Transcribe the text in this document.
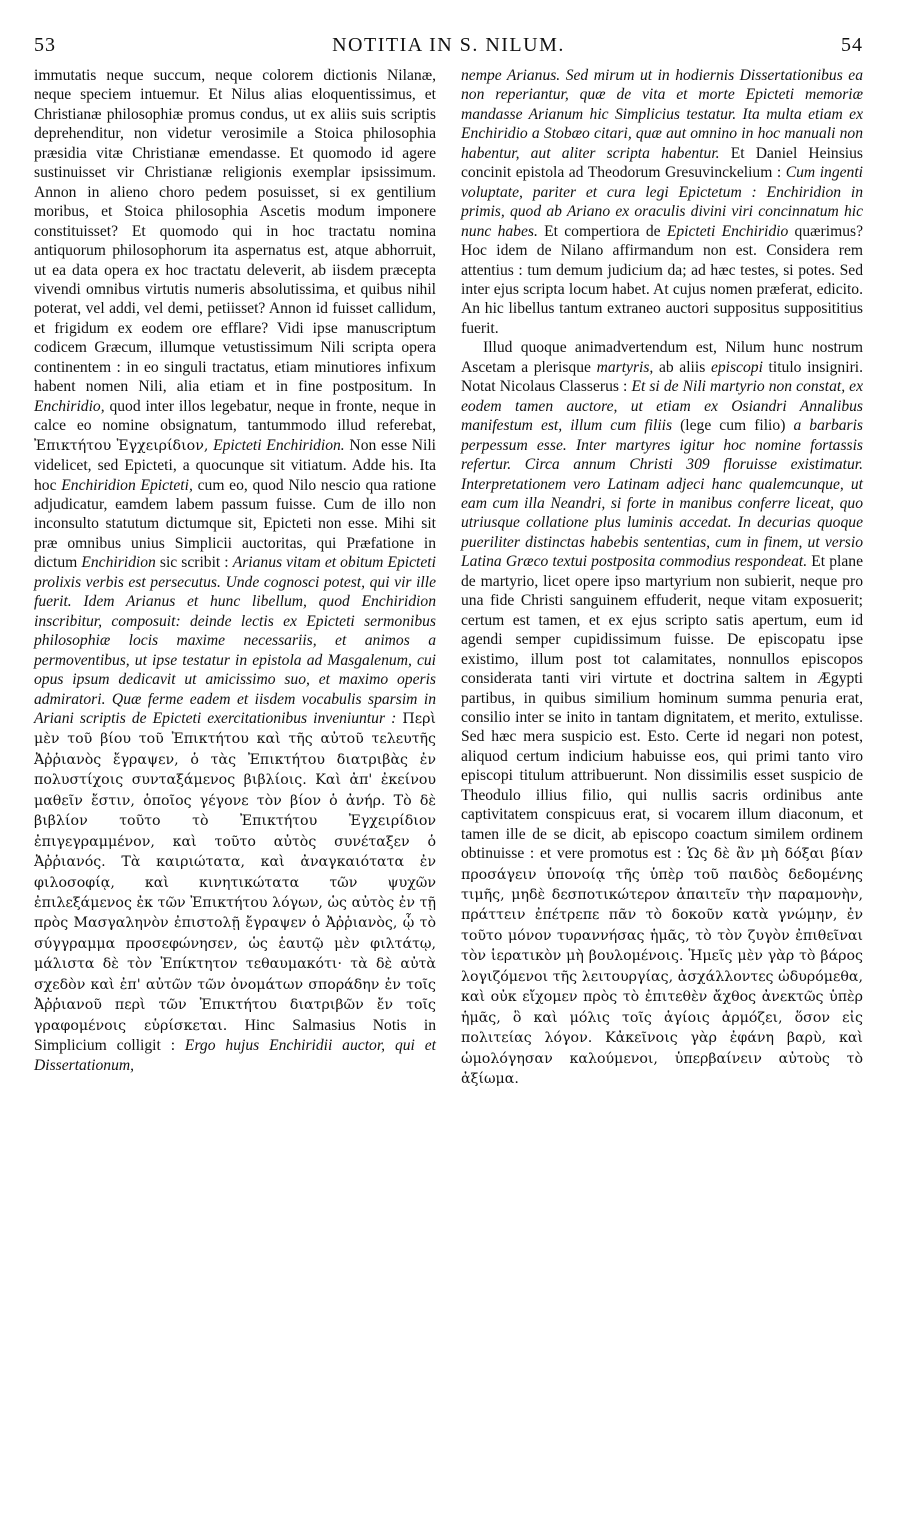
53	NOTITIA IN S. NILUM.	54

immutatis neque succum, neque colorem dictionis Nilanæ, neque speciem intuemur. Et Nilus alias eloquentissimus, et Christianæ philosophiæ promus condus, ut ex aliis suis scriptis deprehenditur, non videtur verosimile a Stoica philosophia præsidia vitæ Christianæ emendasse. Et quomodo id agere sustinuisset vir Christianæ religionis exemplar ipsissimum. Annon in alieno choro pedem posuisset, si ex gentilium moribus, et Stoica philosophia Ascetis modum imponere constituisset? Et quomodo qui in hoc tractatu nomina antiquorum philosophorum ita aspernatus est, atque abhorruit, ut ea data opera ex hoc tractatu deleverit, ab iisdem præcepta vivendi omnibus virtutis numeris absolutissima, et quibus nihil poterat, vel addi, vel demi, petiisset? Annon id fuisset callidum, et frigidum ex eodem ore efflare? Vidi ipse manuscriptum codicem Græcum, illumque vetustissimum Nili scripta opera continentem : in eo singuli tractatus, etiam minutiores infixum habent nomen Nili, alia etiam et in fine postpositum. In Enchiridio, quod inter illos legebatur, neque in fronte, neque in calce eo nomine obsignatum, tantummodo illud referebat, Ἐπικτήτου Ἐγχειρίδιον, Epicteti Enchiridion. Non esse Nili videlicet, sed Epicteti, a quocunque sit vitiatum. Adde his. Ita hoc Enchiridion Epicteti, cum eo, quod Nilo nescio qua ratione adjudicatur, eamdem labem passum fuisse. Cum de illo non inconsulto statutum dictumque sit, Epicteti non esse. Mihi sit præ omnibus unius Simplicii auctoritas, qui Præfatione in dictum Enchiridion sic scribit : Arianus vitam et obitum Epicteti prolixis verbis est persecutus. Unde cognosci potest, qui vir ille fuerit. Idem Arianus et hunc libellum, quod Enchiridion inscribitur, composuit: deinde lectis ex Epicteti sermonibus philosophiæ locis maxime necessariis, et animos a permoventibus, ut ipse testatur in epistola ad Masgalenum, cui opus ipsum dedicavit ut amicissimo suo, et maximo operis admiratori. Quæ ferme eadem et iisdem vocabulis sparsim in Ariani scriptis de Epicteti exercitationibus inveniuntur : Περὶ μὲν τοῦ βίου τοῦ Ἐπικτήτου καὶ τῆς αὐτοῦ τελευτῆς Ἀῤῥιανὸς ἔγραψεν, ὁ τὰς Ἐπικτήτου διατριβὰς ἐν πολυστίχοις συνταξάμενος βιβλίοις. Καὶ ἀπ' ἐκείνου μαθεῖν ἔστιν, ὁποῖος γέγονε τὸν βίον ὁ ἀνήρ. Τὸ δὲ βιβλίον τοῦτο τὸ Ἐπικτήτου Ἐγχειρίδιον ἐπιγεγραμμένον, καὶ τοῦτο αὐτὸς συνέταξεν ὁ Ἀῤῥιανός. Τὰ καιριώτατα, καὶ ἀναγκαιότατα ἐν φιλοσοφίᾳ, καὶ κινητικώτατα τῶν ψυχῶν ἐπιλεξάμενος ἐκ τῶν Ἐπικτήτου λόγων, ὡς αὐτὸς ἐν τῇ πρὸς Μασγαληνὸν ἐπιστολῇ ἔγραψεν ὁ Ἀῤῥιανὸς, ᾧ τὸ σύγγραμμα προσεφώνησεν, ὡς ἑαυτῷ μὲν φιλτάτῳ, μάλιστα δὲ τὸν Ἐπίκτητον τεθαυμακότι· τὰ δὲ αὐτὰ σχεδὸν καὶ ἐπ' αὐτῶν τῶν ὀνομάτων σποράδην ἐν τοῖς Ἀῤῥιανοῦ περὶ τῶν Ἐπικτήτου διατριβῶν ἔν τοῖς γραφομένοις εὑρίσκεται. Hinc Salmasius Notis in Simplicium colligit : Ergo hujus Enchiridii auctor, qui et Dissertationum,

nempe Arianus. Sed mirum ut in hodiernis Dissertationibus ea non reperiantur, quæ de vita et morte Epicteti memoriæ mandasse Arianum hic Simplicius testatur. Ita multa etiam ex Enchiridio a Stobæo citari, quæ aut omnino in hoc manuali non habentur, aut aliter scripta habentur. Et Daniel Heinsius concinit epistola ad Theodorum Gresuvinckelium : Cum ingenti voluptate, pariter et cura legi Epictetum : Enchiridion in primis, quod ab Ariano ex oraculis divini viri concinnatum hic nunc habes. Et compertiora de Epicteti Enchiridio quærimus? Hoc idem de Nilano affirmandum non est. Considera rem attentius : tum demum judicium da; ad hæc testes, si potes. Sed inter ejus scripta locum habet. At cujus nomen præferat, edicito. An hic libellus tantum extraneo auctori suppositus supposititius fuerit.

Illud quoque animadvertendum est, Nilum hunc nostrum Ascetam a plerisque martyris, ab aliis episcopi titulo insigniri. Notat Nicolaus Classerus : Et si de Nili martyrio non constat, ex eodem tamen auctore, ut etiam ex Osiandri Annalibus manifestum est, illum cum filiis (lege cum filio) a barbaris perpessum esse. Inter martyres igitur hoc nomine fortassis refertur. Circa annum Christi 309 floruisse existimatur. Interpretationem vero Latinam adjeci hanc qualemcunque, ut eam cum illa Neandri, si forte in manibus conferre liceat, quo utriusque collatione plus luminis accedat. In decurias quoque pueriliter distinctas habebis sententias, cum in finem, ut versio Latina Græco textui postposita commodius respondeat. Et plane de martyrio, licet opere ipso martyrium non subierit, neque pro una fide Christi sanguinem effuderit, neque vitam exposuerit; certum est tamen, et ex ejus scripto satis apertum, eum id agendi semper cupidissimum fuisse. De episcopatu ipse existimo, illum post tot calamitates, nonnullos episcopos considerata tanti viri virtute et doctrina saltem in Ægypti partibus, in quibus similium hominum summa penuria erat, consilio inter se inito in tantam dignitatem, et merito, extulisse. Sed hæc mera suspicio est. Esto. Certe id negari non potest, aliquod certum indicium habuisse eos, qui primi tanto viro episcopi titulum attribuerunt. Non dissimilis esset suspicio de Theodulo illius filio, qui nullis sacris ordinibus ante captivitatem conspicuus erat, si vocarem illum diaconum, et tamen ille de se dicit, ab episcopo coactum similem ordinem obtinuisse : et vere promotus est : Ὡς δὲ ἂν μὴ δόξαι βίαν προσάγειν ὑπονοίᾳ τῆς ὑπὲρ τοῦ παιδὸς δεδομένης τιμῆς, μηδὲ δεσποτικώτερον ἀπαιτεῖν τὴν παραμονὴν, πράττειν ἐπέτρεπε πᾶν τὸ δοκοῦν κατὰ γνώμην, ἐν τοῦτο μόνον τυραννήσας ἡμᾶς, τὸ τὸν ζυγὸν ἐπιθεῖναι τὸν ἱερατικὸν μὴ βουλομένοις. Ἡμεῖς μὲν γὰρ τὸ βάρος λογιζόμενοι τῆς λειτουργίας, ἀσχάλλοντες ὠδυρόμεθα, καὶ οὐκ εἴχομεν πρὸς τὸ ἐπιτεθὲν ἄχθος ἀνεκτῶς ὑπὲρ ἡμᾶς, ὃ καὶ μόλις τοῖς ἁγίοις ἁρμόζει, ὅσον εἰς πολιτείας λόγον. Κἀκεῖνοις γὰρ ἐφάνη βαρὺ, καὶ ὡμολόγησαν καλούμενοι, ὑπερβαίνειν αὐτοὺς τὸ ἀξίωμα.
